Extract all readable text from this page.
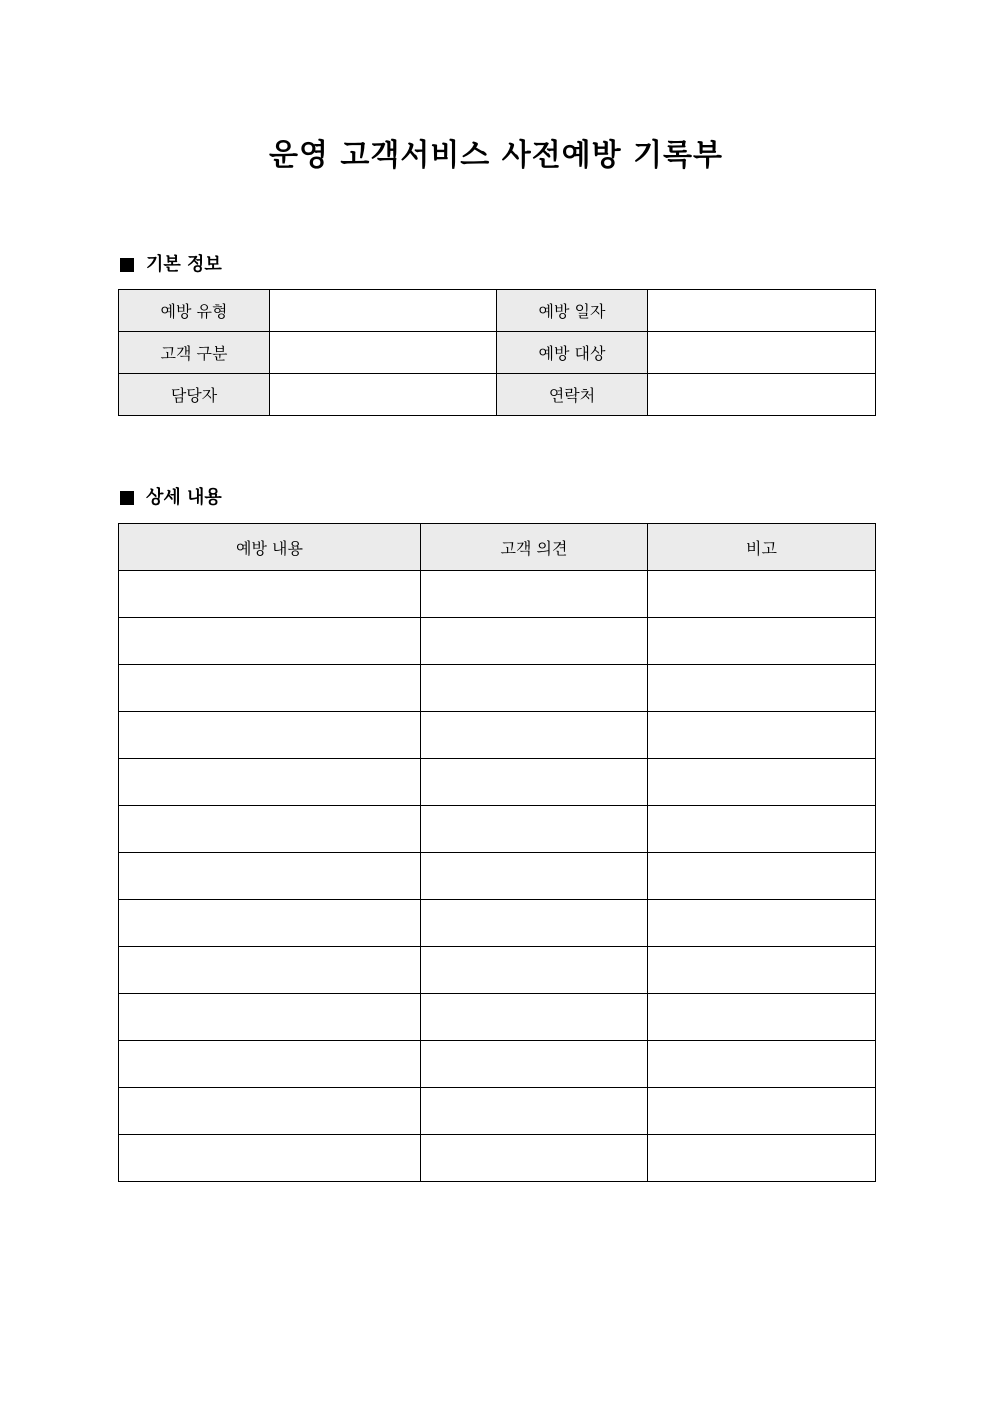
운영 고객서비스 사전예방 기록부
기본 정보
예방 유형		예방 일자	
고객 구분		예방 대상	
담당자		연락처	
상세 내용
예방 내용	고객 의견	비고
